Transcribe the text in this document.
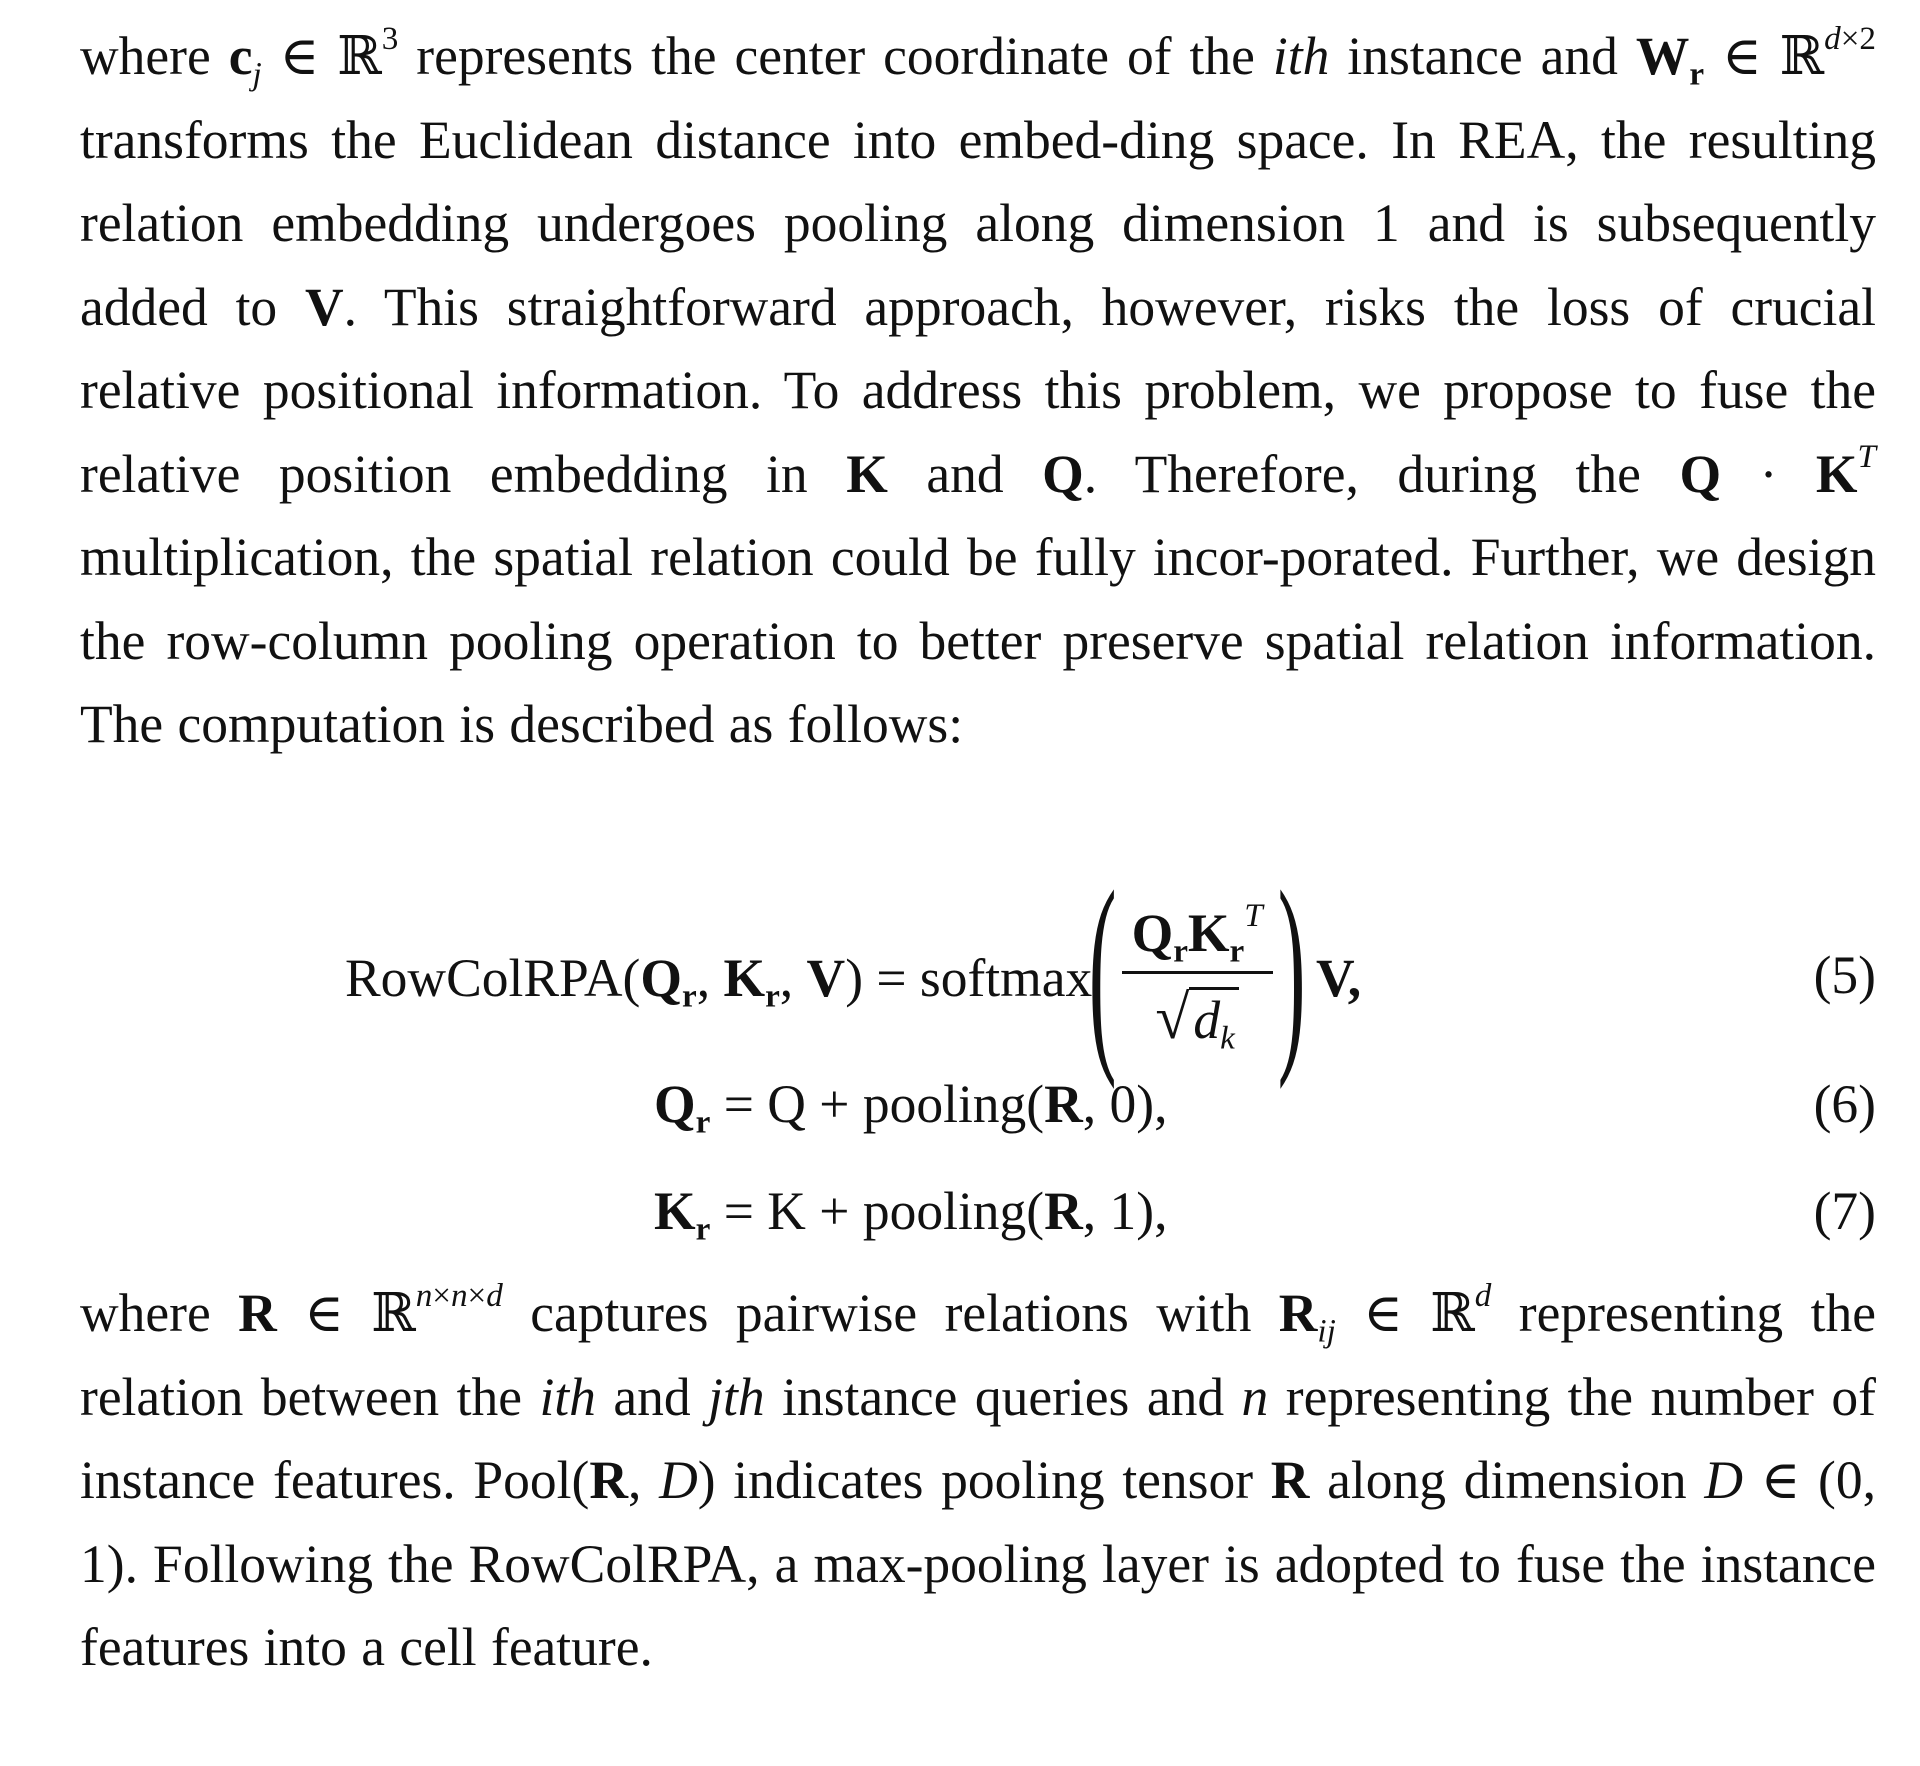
where $c_j$ ∈ ℝ$^3$ represents the center coordinate of the ith instance and $W_r$ ∈ ℝ$^{d\times 2}$ transforms the Euclidean distance into embed-ding space. In REA, the resulting relation embedding undergoes pooling along dimension 1 and is subsequently added to V. This straightforward approach, however, risks the loss of crucial relative positional information. To address this problem, we propose to fuse the relative position embedding in K and Q. Therefore, during the $Q \cdot K^T$ multiplication, the spatial relation could be fully incor-porated. Further, we design the row-column pooling operation to better preserve spatial relation information. The computation is described as follows:
RowColRPA( $Q_r$, $K_r$, V ) = softmax
( $\frac{Q_rK_r^T}{√d_k}$ ) V,	(5)
$Q_r = Q$ + pooling(R, 0),	(6)
$K_r = K$ + pooling(R, 1),	(7)
where R ∈ ℝ$^{n\times n\times d}$ captures pairwise relations with $R_{ij}$ ∈ ℝ$^d$ representing the relation between the ith and jth instance queries and n representing the number of instance features. Pool(R, D) indicates pooling tensor R along dimension D ∈ (0, 1). Following the RowColRPA, a max-pooling layer is adopted to fuse the instance features into a cell feature.
